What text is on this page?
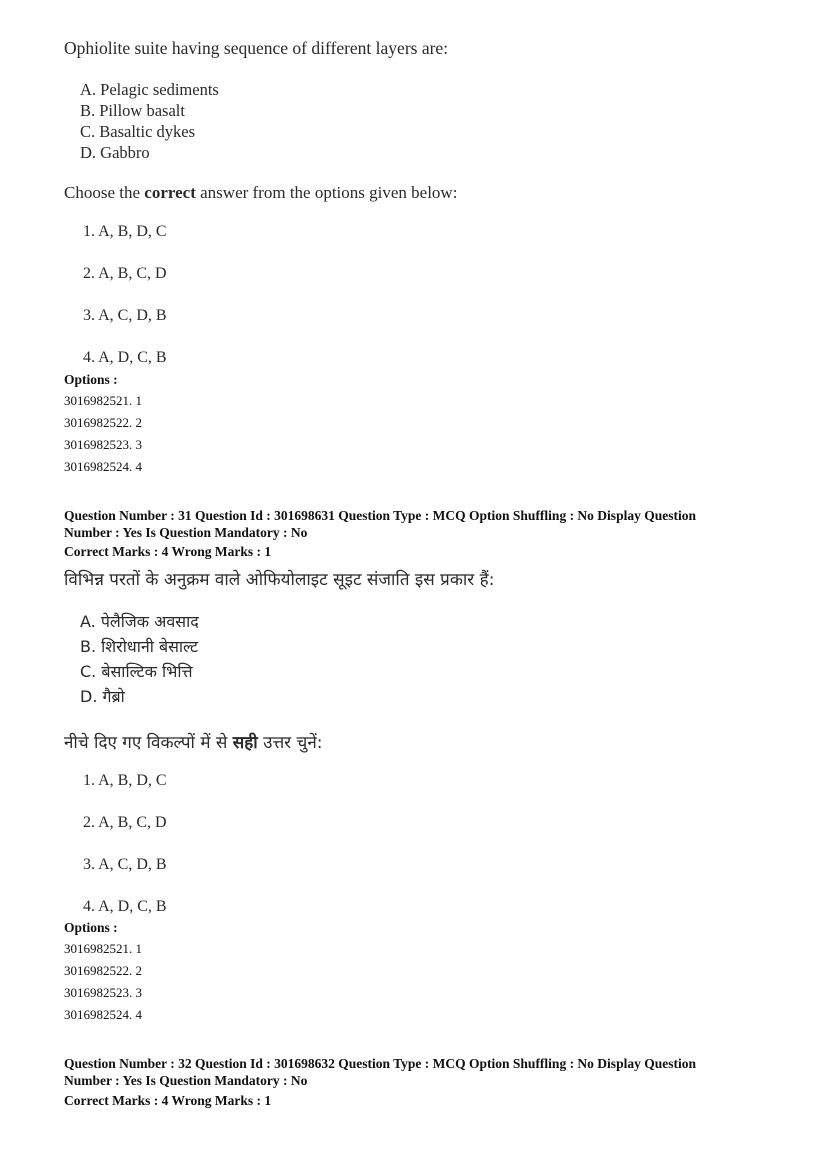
Ophiolite suite having sequence of different layers are:
A. Pelagic sediments
B. Pillow basalt
C. Basaltic dykes
D. Gabbro
Choose the correct answer from the options given below:
1. A, B, D, C
2. A, B, C, D
3. A, C, D, B
4. A, D, C, B
Options :
3016982521. 1
3016982522. 2
3016982523. 3
3016982524. 4
Question Number : 31 Question Id : 301698631 Question Type : MCQ Option Shuffling : No Display Question
Number : Yes Is Question Mandatory : No
Correct Marks : 4 Wrong Marks : 1
विभिन्न परतों के अनुक्रम वाले ओफियोलाइट सूइट संजाति इस प्रकार हैं:
A. पेलैजिक अवसाद
B. शिरोधानी बेसाल्ट
C. बेसाल्टिक भित्ति
D. गैब्रो
नीचे दिए गए विकल्पों में से सही उत्तर चुनें:
1. A, B, D, C
2. A, B, C, D
3. A, C, D, B
4. A, D, C, B
Options :
3016982521. 1
3016982522. 2
3016982523. 3
3016982524. 4
Question Number : 32 Question Id : 301698632 Question Type : MCQ Option Shuffling : No Display Question
Number : Yes Is Question Mandatory : No
Correct Marks : 4 Wrong Marks : 1
